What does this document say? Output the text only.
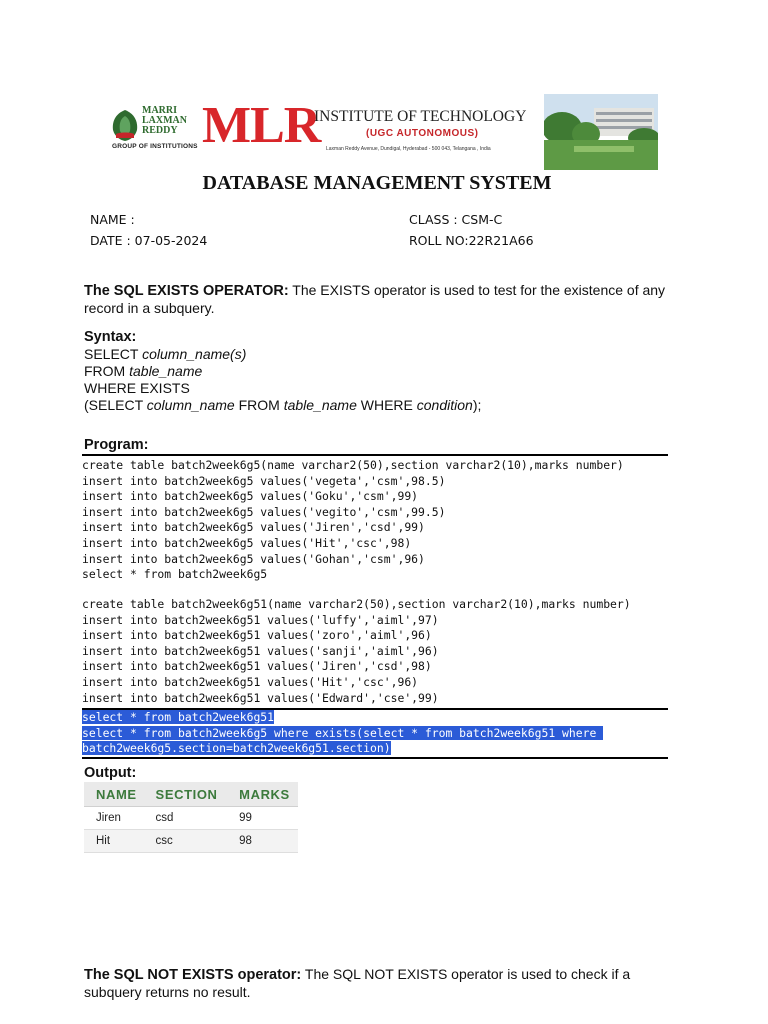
MARRI
LAXMAN
REDDY
GROUP OF INSTITUTIONS MLR
INSTITUTE OF TECHNOLOGY
(UGC AUTONOMOUS)
Laxman Reddy Avenue, Dundigal, Hyderabad - 500 043, Telangana , India
DATABASE MANAGEMENT SYSTEM
NAME :
DATE : 07-05-2024
CLASS : CSM-C
ROLL NO:22R21A66
The SQL EXISTS OPERATOR: The EXISTS operator is used to test for the existence of any record in a subquery.
Syntax:
SELECT column_name(s)
FROM table_name
WHERE EXISTS
(SELECT column_name FROM table_name WHERE condition);
Program:
create table batch2week6g5(name varchar2(50),section varchar2(10),marks number)
insert into batch2week6g5 values('vegeta','csm',98.5)
insert into batch2week6g5 values('Goku','csm',99)
insert into batch2week6g5 values('vegito','csm',99.5)
insert into batch2week6g5 values('Jiren','csd',99)
insert into batch2week6g5 values('Hit','csc',98)
insert into batch2week6g5 values('Gohan','csm',96)
select * from batch2week6g5
create table batch2week6g51(name varchar2(50),section varchar2(10),marks number)
insert into batch2week6g51 values('luffy','aiml',97)
insert into batch2week6g51 values('zoro','aiml',96)
insert into batch2week6g51 values('sanji','aiml',96)
insert into batch2week6g51 values('Jiren','csd',98)
insert into batch2week6g51 values('Hit','csc',96)
insert into batch2week6g51 values('Edward','cse',99)
select * from batch2week6g51
select * from batch2week6g5 where exists(select * from batch2week6g51 where
batch2week6g5.section=batch2week6g51.section)
Output:
NAME	SECTION	MARKS
Jiren	csd	99
Hit	csc	98
The SQL NOT EXISTS operator: The SQL NOT EXISTS operator is used to check if a subquery returns no result.
